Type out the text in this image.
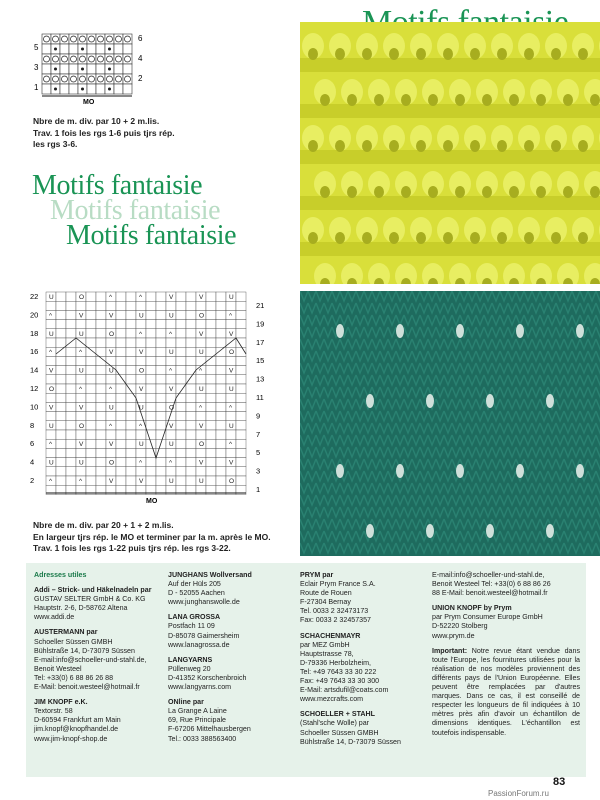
5
3
1
6
4
2
MO
Nbre de m. div. par 10 + 2 m.lis.
Trav. 1 fois les rgs 1-6 puis tjrs rép.
les rgs 3-6.
Motifs fantaisie
Motifs fantaisie
Motifs fantaisie
U	O	^	^	V	V	U
^	V	V	U	U	O	^
U	U	O	^	^	V	V
^	^	V	V	U	U	O
V	U	U	O	^	^	V
O	^	^	V	V	U	U
V	V	U	U	O	^	^
U	O	^	^	V	V	U
^	V	V	U	U	O	^
U	U	O	^	^	V	V
^	^	V	V	U	U	O
22
20
18
16
14
12
10
8
6
4
2
21
19
17
15
13
11
9
7
5
3
1
MO
Nbre de m. div. par 20 + 1 + 2 m.lis.
En largeur tjrs rép. le MO et terminer par la m. après le MO.
Trav. 1 fois les rgs 1-22 puis tjrs rép. les rgs 3-22.
Adresses utiles
Addi – Strick- und Häkelnadeln par
GUSTAV SELTER GmbH & Co. KG
Hauptstr. 2-6, D-58762 Altena
www.addi.de
AUSTERMANN par
Schoeller Süssen GMBH
Bühlstraße 14, D-73079 Süssen
E-mail:info@schoeller-und-stahl.de,
Benoit Westeel
Tel: +33(0) 6 88 86 26 88
E-Mail: benoit.westeel@hotmail.fr
JIM KNOPF e.K.
Textorstr. 58
D-60594 Frankfurt am Main
jim.knopf@knopfhandel.de
www.jim-knopf-shop.de
JUNGHANS Wollversand
Auf der Hüls 205
D - 52055 Aachen
www.junghanswolle.de
LANA GROSSA
Postfach 11 09
D-85078 Gaimersheim
www.lanagrossa.de
LANGYARNS
Püllenweg 20
D-41352 Korschenbroich
www.langyarns.com
ONline par
La Grange A Laine
69, Rue Principale
F-67206 Mittelhausbergen
Tel.: 0033 388563400
PRYM par
Eclair Prym France S.A.
Route de Rouen
F-27304 Bernay
Tel. 0033 2 32473173
Fax: 0033 2 32457357
SCHACHENMAYR
par MEZ GmbH
Hauptstrasse 78,
D-79336 Herbolzheim,
Tel: +49 7643 33 30 222
Fax: +49 7643 33 30 300
E-Mail: artsdufil@coats.com
www.mezcrafts.com
SCHOELLER + STAHL
(Stahl'sche Wolle) par
Schoeller Süssen GMBH
Bühlstraße 14, D-73079 Süssen
E-mail:info@schoeller-und-stahl.de,
Benoit Westeel Tel: +33(0) 6 88 86 26
88 E-Mail: benoit.westeel@hotmail.fr
UNION KNOPF by Prym
par Prym Consumer Europe GmbH
D-52220 Stolberg
www.prym.de
Important: Notre revue étant vendue dans toute l'Europe, les fournitures utilisées pour la réalisation de nos modèles proviennent des différents pays de l'Union Européenne. Elles peuvent être remplacées par d'autres marques. Dans ce cas, il est conseillé de respecter les longueurs de fil indiquées à 10 mètres près afin d'avoir un échantillon de dimensions identiques. L'échantillon est toutefois indispensable.
83
PassionForum.ru
